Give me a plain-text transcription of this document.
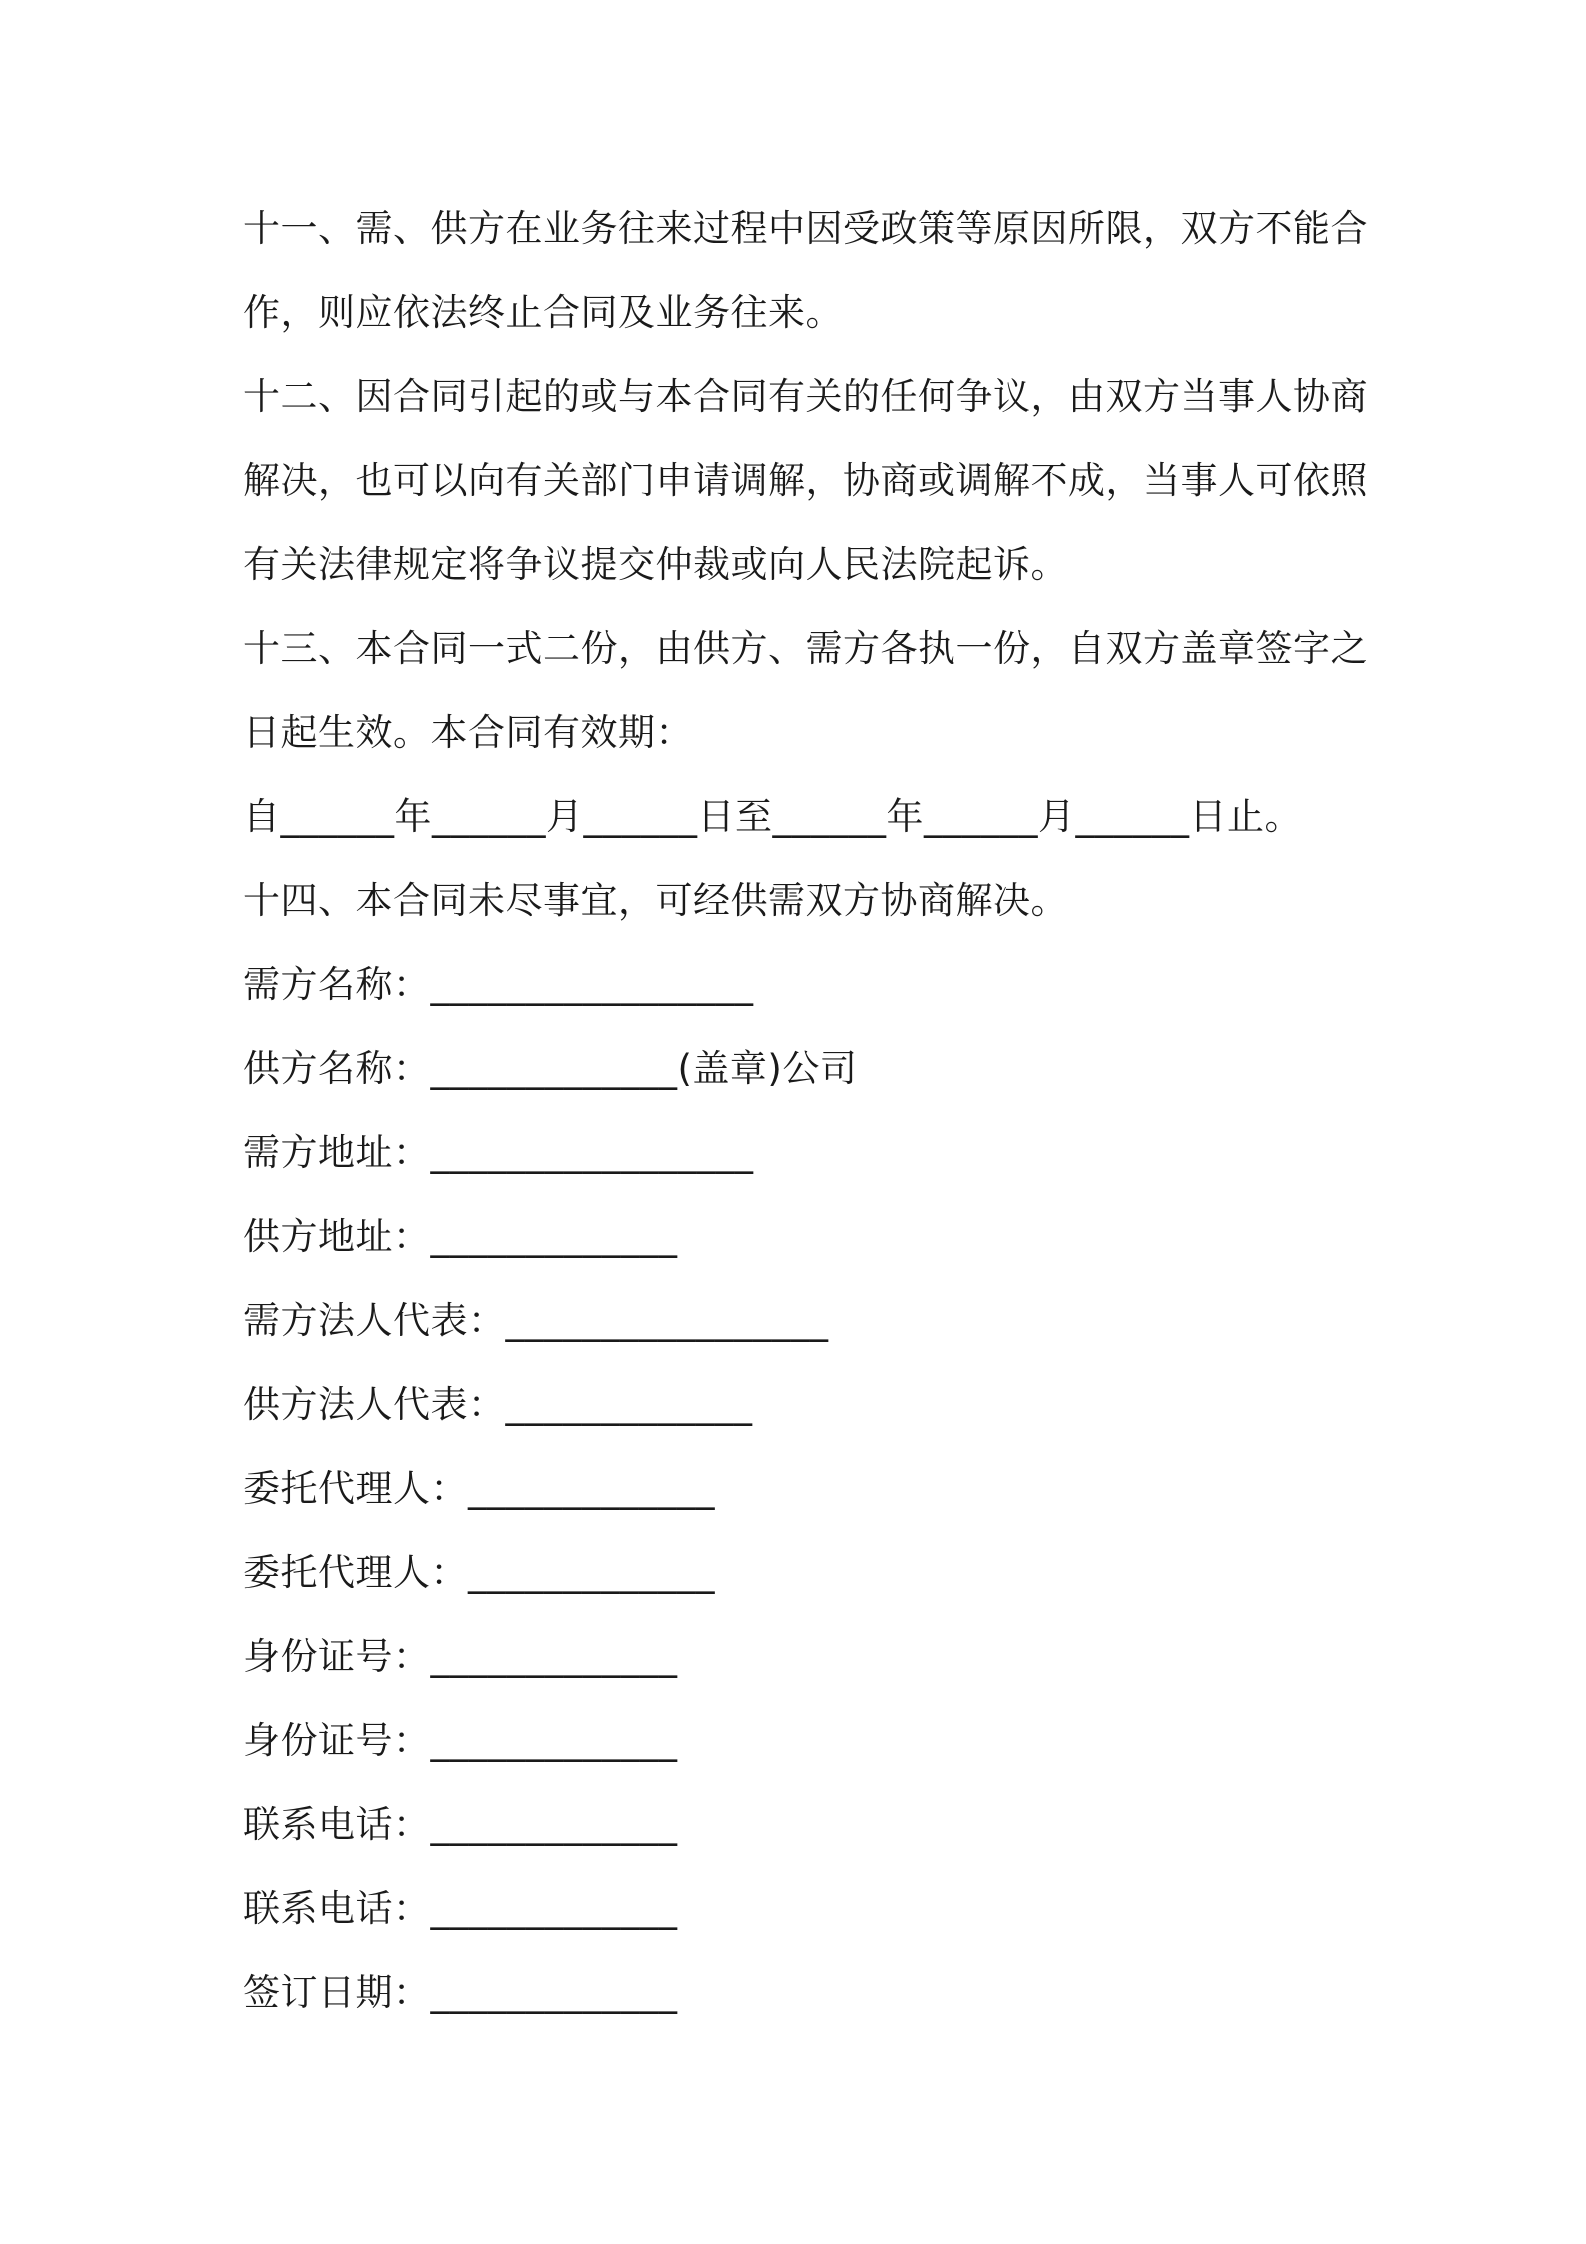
十一、需、供方在业务往来过程中因受政策等原因所限，双方不能合
作，则应依法终止合同及业务往来。
十二、因合同引起的或与本合同有关的任何争议，由双方当事人协商
解决，也可以向有关部门申请调解，协商或调解不成，当事人可依照
有关法律规定将争议提交仲裁或向人民法院起诉。
十三、本合同一式二份，由供方、需方各执一份，自双方盖章签字之
日起生效。本合同有效期：
自______年______月______日至______年______月______日止。
十四、本合同未尽事宜，可经供需双方协商解决。
需方名称：_________________
供方名称：_____________(盖章)公司
需方地址：_________________
供方地址：_____________
需方法人代表：_________________
供方法人代表：_____________
委托代理人：_____________
委托代理人：_____________
身份证号：_____________
身份证号：_____________
联系电话：_____________
联系电话：_____________
签订日期：_____________
